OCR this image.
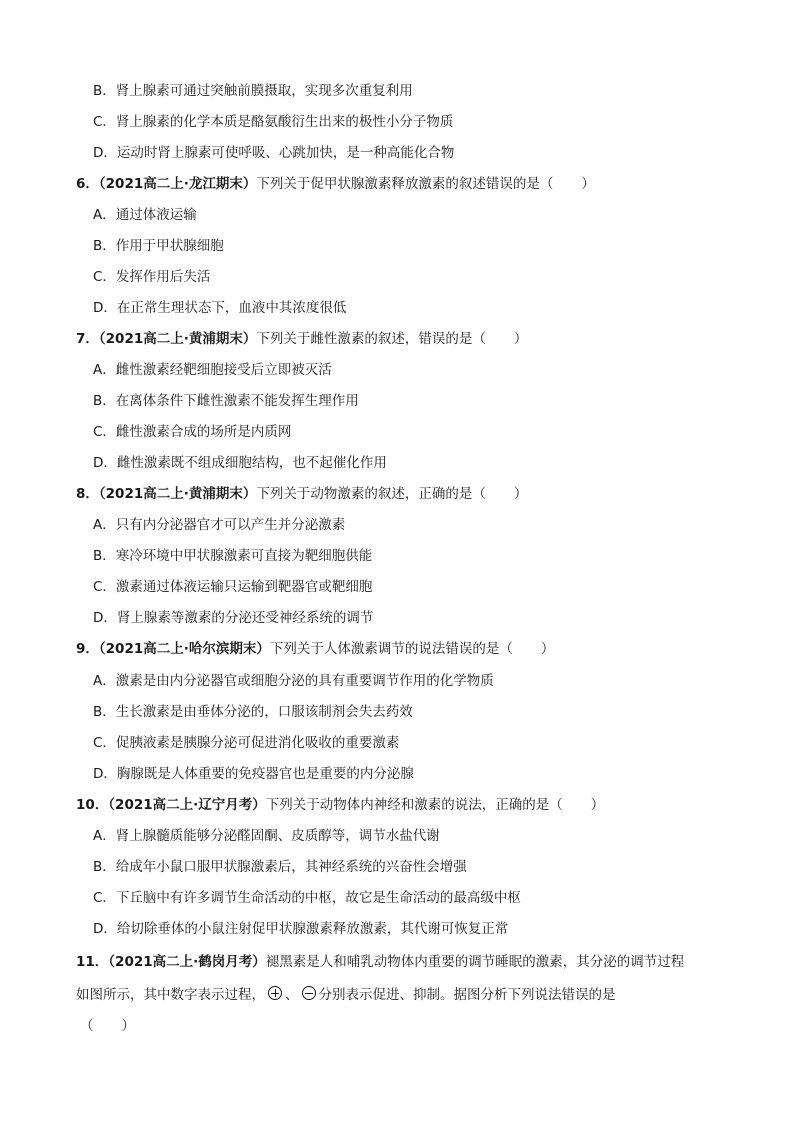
B．肾上腺素可通过突触前膜摄取，实现多次重复利用
C．肾上腺素的化学本质是酪氨酸衍生出来的极性小分子物质
D．运动时肾上腺素可使呼吸、心跳加快，是一种高能化合物
6．（2021高二上·龙江期末）下列关于促甲状腺激素释放激素的叙述错误的是（ ）
A．通过体液运输
B．作用于甲状腺细胞
C．发挥作用后失活
D．在正常生理状态下，血液中其浓度很低
7．（2021高二上·黄浦期末）下列关于雌性激素的叙述，错误的是（ ）
A．雌性激素经靶细胞接受后立即被灭活
B．在离体条件下雌性激素不能发挥生理作用
C．雌性激素合成的场所是内质网
D．雌性激素既不组成细胞结构，也不起催化作用
8．（2021高二上·黄浦期末）下列关于动物激素的叙述，正确的是（ ）
A．只有内分泌器官才可以产生并分泌激素
B．寒冷环境中甲状腺激素可直接为靶细胞供能
C．激素通过体液运输只运输到靶器官或靶细胞
D．肾上腺素等激素的分泌还受神经系统的调节
9．（2021高二上·哈尔滨期末）下列关于人体激素调节的说法错误的是（ ）
A．激素是由内分泌器官或细胞分泌的具有重要调节作用的化学物质
B．生长激素是由垂体分泌的，口服该制剂会失去药效
C．促胰液素是胰腺分泌可促进消化吸收的重要激素
D．胸腺既是人体重要的免疫器官也是重要的内分泌腺
10．（2021高二上·辽宁月考）下列关于动物体内神经和激素的说法，正确的是（ ）
A．肾上腺髓质能够分泌醛固酮、皮质醇等，调节水盐代谢
B．给成年小鼠口服甲状腺激素后，其神经系统的兴奋性会增强
C．下丘脑中有许多调节生命活动的中枢，故它是生命活动的最高级中枢
D．给切除垂体的小鼠注射促甲状腺激素释放激素，其代谢可恢复正常
11．（2021高二上·鹤岗月考）褪黑素是人和哺乳动物体内重要的调节睡眠的激素，其分泌的调节过程
如图所示，其中数字表示过程， 、 分别表示促进、抑制。据图分析下列说法错误的是
（ ）
